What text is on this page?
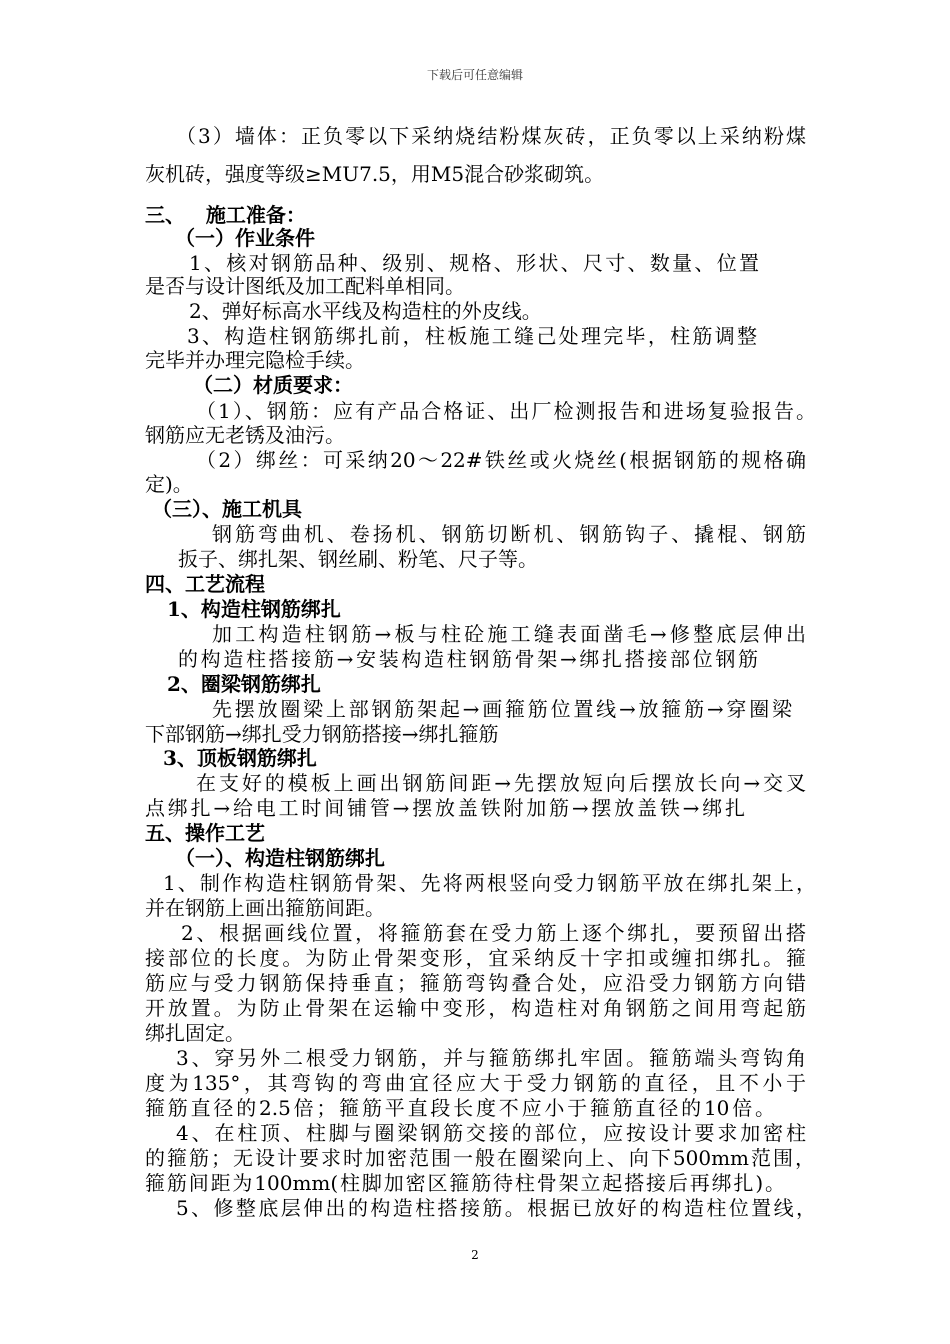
下载后可任意编辑
（3）墙体：正负零以下采纳烧结粉煤灰砖，正负零以上采纳粉煤
灰机砖，强度等级≥MU7.5，用M5混合砂浆砌筑。
三、   施工准备：
（一）作业条件
1、核对钢筋品种、级别、规格、形状、尺寸、数量、位置
是否与设计图纸及加工配料单相同。
2、弹好标高水平线及构造柱的外皮线。
3、构造柱钢筋绑扎前，柱板施工缝己处理完毕，柱筋调整
完毕并办理完隐检手续。
（二）材质要求：
（1）、钢筋：应有产品合格证、出厂检测报告和进场复验报告。
钢筋应无老锈及油污。
（2）绑丝：可采纳20～22#铁丝或火烧丝(根据钢筋的规格确
定)。
（三）、施工机具
钢筋弯曲机、卷扬机、钢筋切断机、钢筋钩子、撬棍、钢筋
扳子、绑扎架、钢丝刷、粉笔、尺子等。
四、工艺流程
1、构造柱钢筋绑扎
加工构造柱钢筋→板与柱砼施工缝表面凿毛→修整底层伸出
的构造柱搭接筋→安装构造柱钢筋骨架→绑扎搭接部位钢筋
2、圈梁钢筋绑扎
先摆放圈梁上部钢筋架起→画箍筋位置线→放箍筋→穿圈梁
下部钢筋→绑扎受力钢筋搭接→绑扎箍筋
3、顶板钢筋绑扎
在支好的模板上画出钢筋间距→先摆放短向后摆放长向→交叉
点绑扎→给电工时间铺管→摆放盖铁附加筋→摆放盖铁→绑扎
五、操作工艺
（一）、构造柱钢筋绑扎
1、制作构造柱钢筋骨架、先将两根竖向受力钢筋平放在绑扎架上，
并在钢筋上画出箍筋间距。
2、根据画线位置，将箍筋套在受力筋上逐个绑扎，要预留出搭
接部位的长度。为防止骨架变形，宜采纳反十字扣或缠扣绑扎。箍
筋应与受力钢筋保持垂直；箍筋弯钩叠合处，应沿受力钢筋方向错
开放置。为防止骨架在运输中变形，构造柱对角钢筋之间用弯起筋
绑扎固定。
3、穿另外二根受力钢筋，并与箍筋绑扎牢固。箍筋端头弯钩角
度为135°，其弯钩的弯曲宜径应大于受力钢筋的直径，且不小于
箍筋直径的2.5倍；箍筋平直段长度不应小于箍筋直径的10倍。
4、在柱顶、柱脚与圈梁钢筋交接的部位，应按设计要求加密柱
的箍筋；无设计要求时加密范围一般在圈梁向上、向下500mm范围，
箍筋间距为100mm(柱脚加密区箍筋待柱骨架立起搭接后再绑扎)。
5、修整底层伸出的构造柱搭接筋。根据已放好的构造柱位置线，
2
